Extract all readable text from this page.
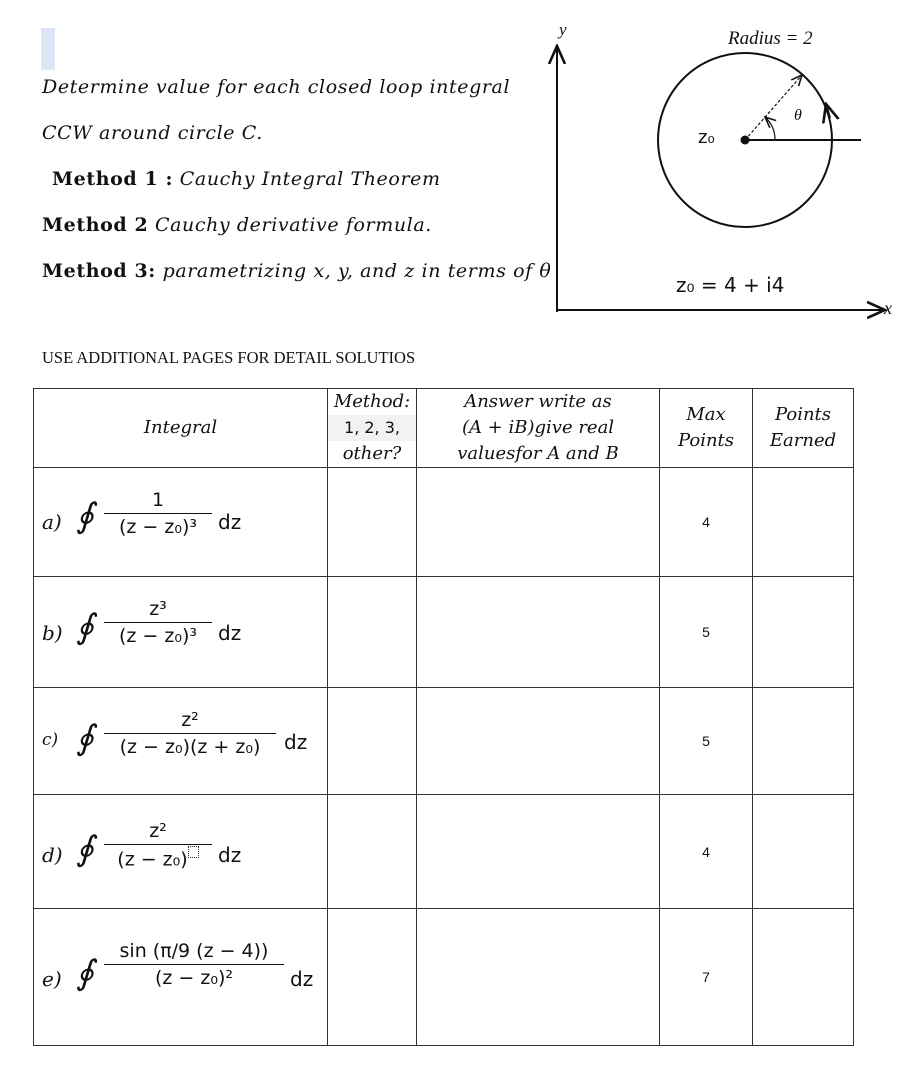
Determine value for each closed loop integral
CCW around circle C.
Method 1 : Cauchy Integral Theorem
Method 2 Cauchy derivative formula.
Method 3: parametrizing x, y, and z in terms of θ
y
x
Radius = 2
θ
z₀
z₀ = 4 + i4
USE ADDITIONAL PAGES FOR DETAIL SOLUTIOS
Integral	Method:
1, 2, 3,
other?	Answer write as
(A + iB)give real
valuesfor A and B	Max
Points	Points
Earned

a) ∮ 1
(z − z₀)³ dz			4	

b) ∮ z³
(z − z₀)³ dz			5	

c) ∮ z²
(z − z₀)(z + z₀) dz			5	

d) ∮ z²
(z − z₀) dz			4	

e) ∮
sin (π/9 (z − 4))
(z − z₀)² dz			7	
